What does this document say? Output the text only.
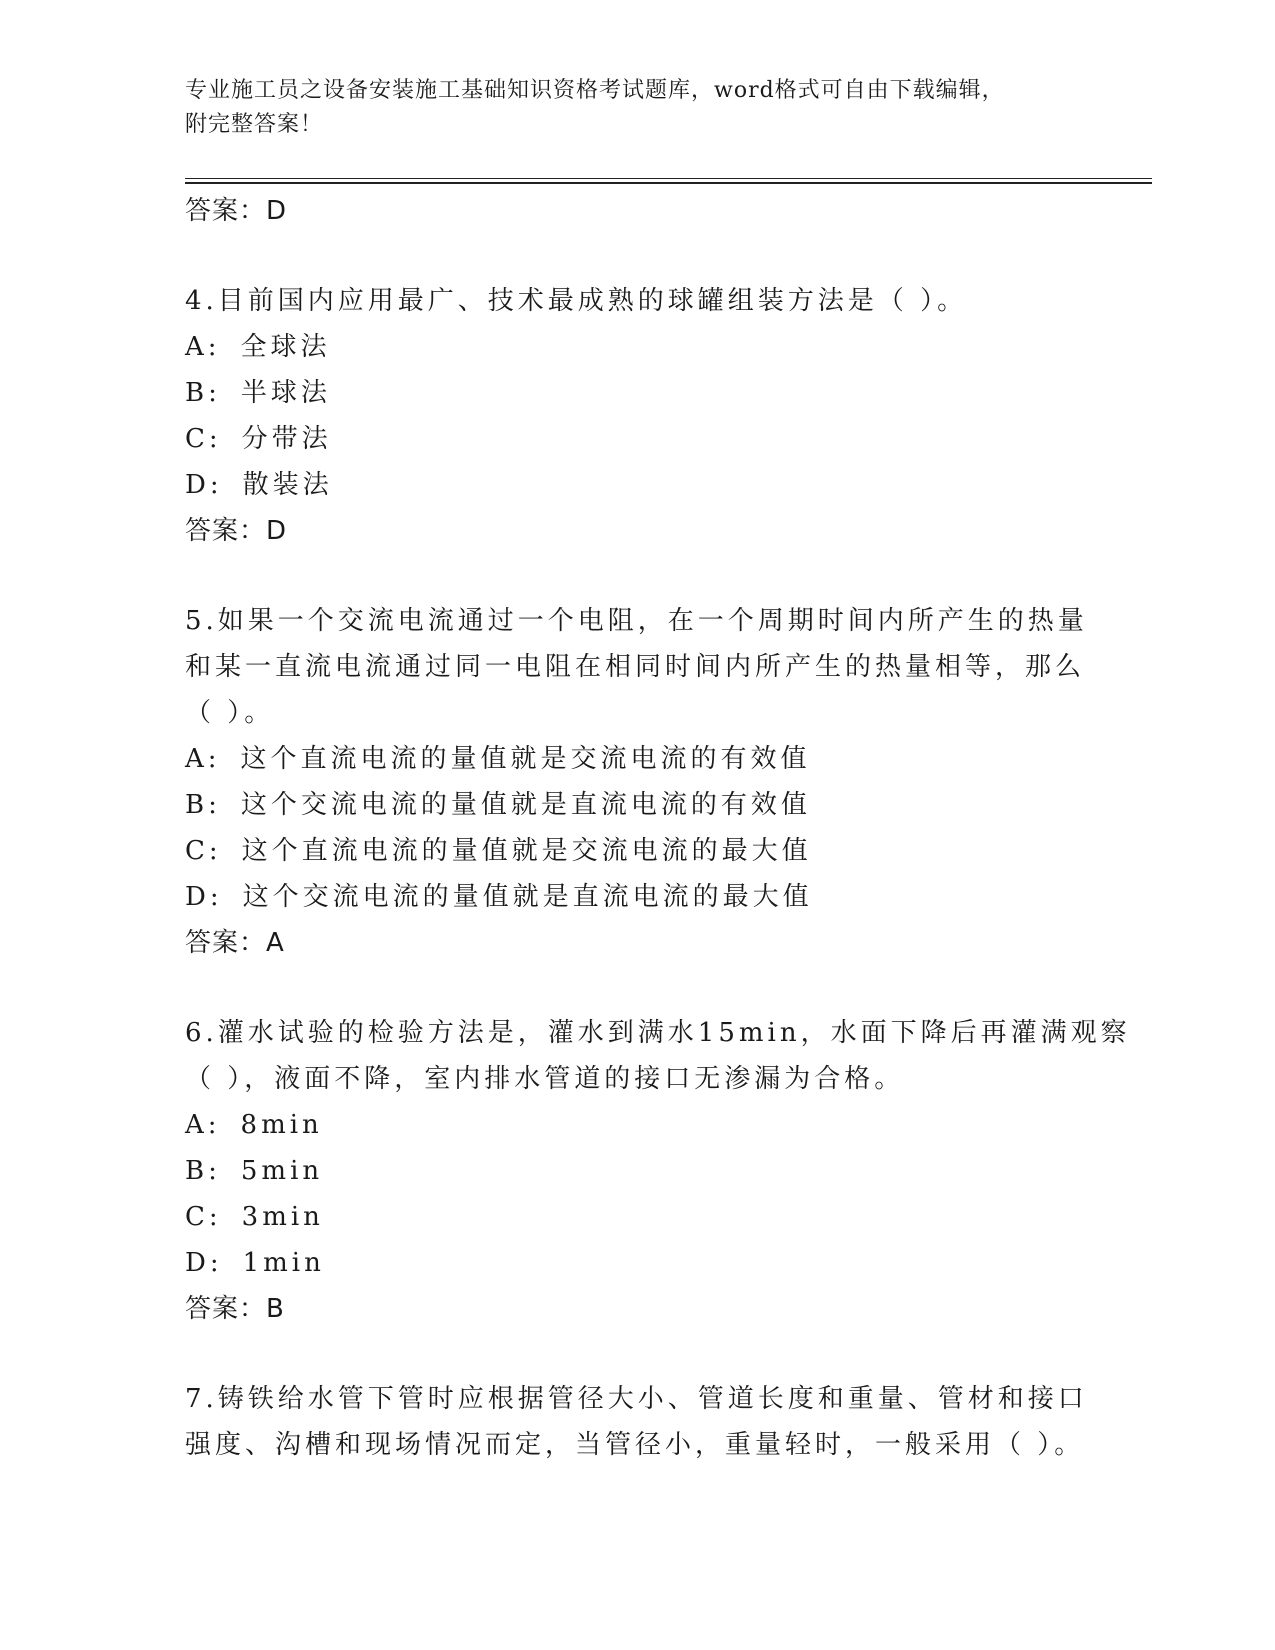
专业施工员之设备安装施工基础知识资格考试题库，word格式可自由下载编辑，
附完整答案！
答案：D
4.目前国内应用最广、技术最成熟的球罐组装方法是（ ）。
A: 全球法
B: 半球法
C: 分带法
D: 散装法
答案：D
5.如果一个交流电流通过一个电阻，在一个周期时间内所产生的热量
和某一直流电流通过同一电阻在相同时间内所产生的热量相等，那么
（ ）。
A: 这个直流电流的量值就是交流电流的有效值
B: 这个交流电流的量值就是直流电流的有效值
C: 这个直流电流的量值就是交流电流的最大值
D: 这个交流电流的量值就是直流电流的最大值
答案：A
6.灌水试验的检验方法是，灌水到满水15min，水面下降后再灌满观察
（ ），液面不降，室内排水管道的接口无渗漏为合格。
A: 8min
B: 5min
C: 3min
D: 1min
答案：B
7.铸铁给水管下管时应根据管径大小、管道长度和重量、管材和接口
强度、沟槽和现场情况而定，当管径小，重量轻时，一般采用（ ）。
